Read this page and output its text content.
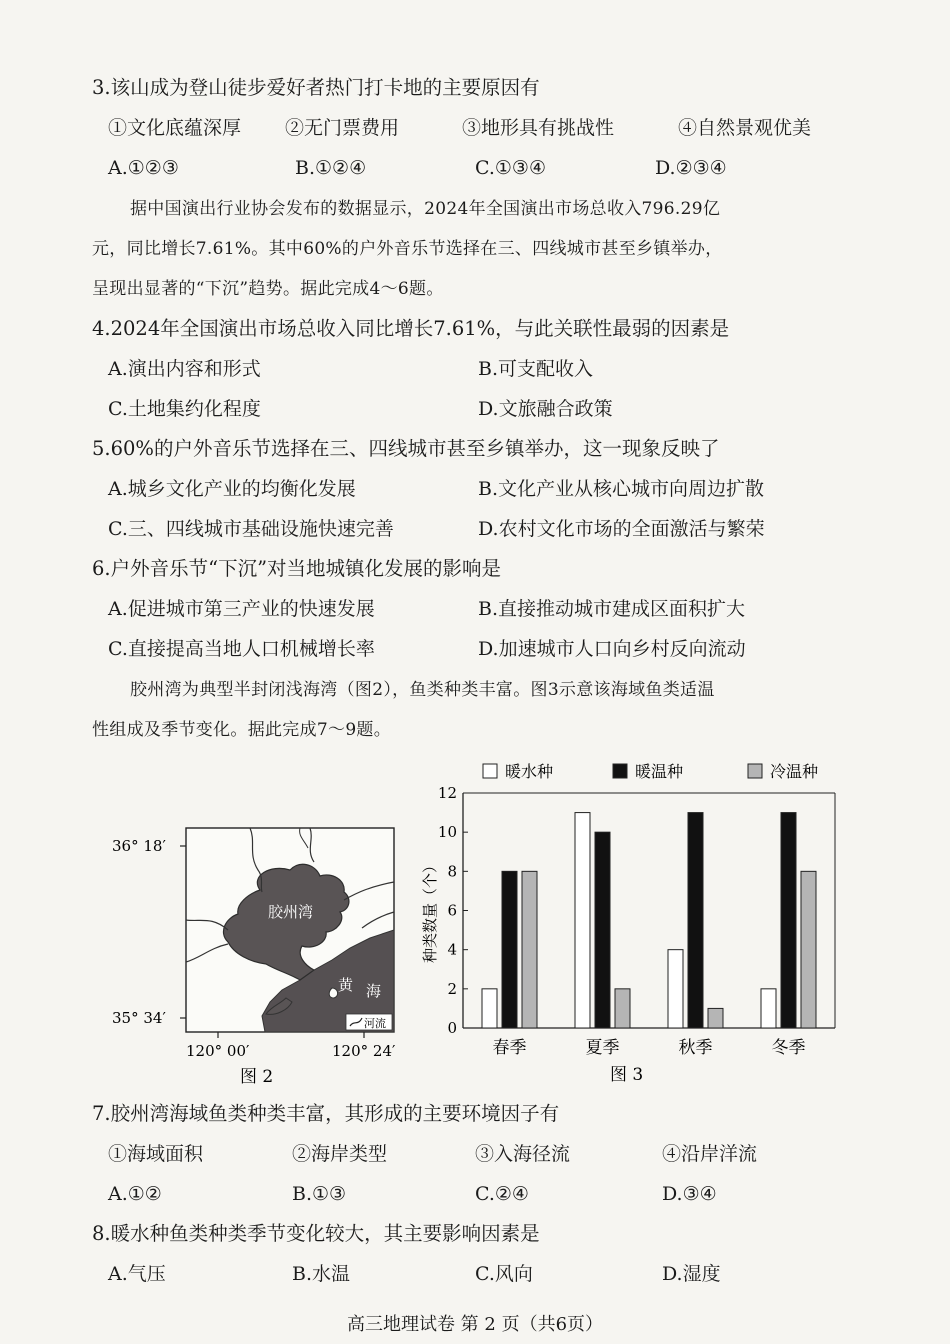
3.该山成为登山徒步爱好者热门打卡地的主要原因有
①文化底蕴深厚 ②无门票费用	③地形具有挑战性	④自然景观优美
A.①②③	B.①②④	C.①③④	D.②③④
据中国演出行业协会发布的数据显示，2024年全国演出市场总收入796.29亿
元，同比增长7.61%。其中60%的户外音乐节选择在三、四线城市甚至乡镇举办，
呈现出显著的“下沉”趋势。据此完成4～6题。
4.2024年全国演出市场总收入同比增长7.61%，与此关联性最弱的因素是
A.演出内容和形式	B.可支配收入
C.土地集约化程度	D.文旅融合政策
5.60%的户外音乐节选择在三、四线城市甚至乡镇举办，这一现象反映了
A.城乡文化产业的均衡化发展	B.文化产业从核心城市向周边扩散
C.三、四线城市基础设施快速完善	D.农村文化市场的全面激活与繁荣
6.户外音乐节“下沉”对当地城镇化发展的影响是
A.促进城市第三产业的快速发展	B.直接推动城市建成区面积扩大
C.直接提高当地人口机械增长率	D.加速城市人口向乡村反向流动
胶州湾为典型半封闭浅海湾（图2），鱼类种类丰富。图3示意该海域鱼类适温
性组成及季节变化。据此完成7～9题。
36° 18′
35° 34′
胶州湾
黄 海
河流
120° 00′	120° 24′
图 2
暖水种	暖温种	冷温种
0
2
4
6
8
10
12
种类数量（个）
春季	夏季	秋季	冬季
图 3
7.胶州湾海域鱼类种类丰富，其形成的主要环境因子有
①海域面积	②海岸类型	③入海径流	④沿岸洋流
A.①②	B.①③	C.②④	D.③④
8.暖水种鱼类种类季节变化较大，其主要影响因素是
A.气压	B.水温	C.风向	D.湿度
高三地理试卷 第 2 页（共6页）
